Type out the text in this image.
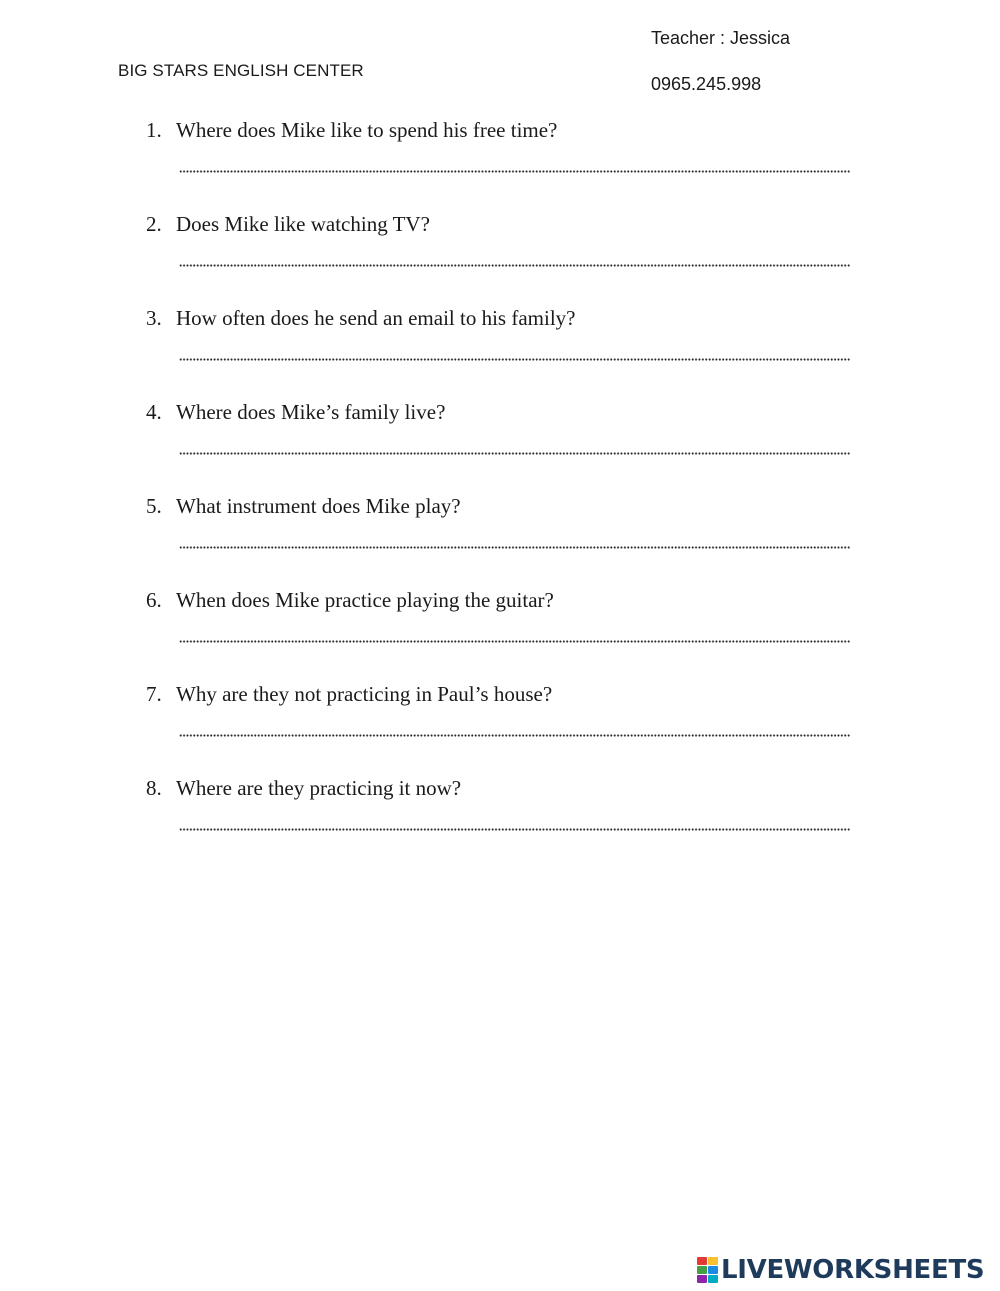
BIG STARS ENGLISH CENTER
Teacher : Jessica
0965.245.998
1. Where does Mike like to spend his free time?
2. Does Mike like watching TV?
3. How often does he send an email to his family?
4. Where does Mike’s family live?
5. What instrument does Mike play?
6. When does Mike practice playing the guitar?
7. Why are they not practicing in Paul’s house?
8. Where are they practicing it now?
LIVEWORKSHEETS
